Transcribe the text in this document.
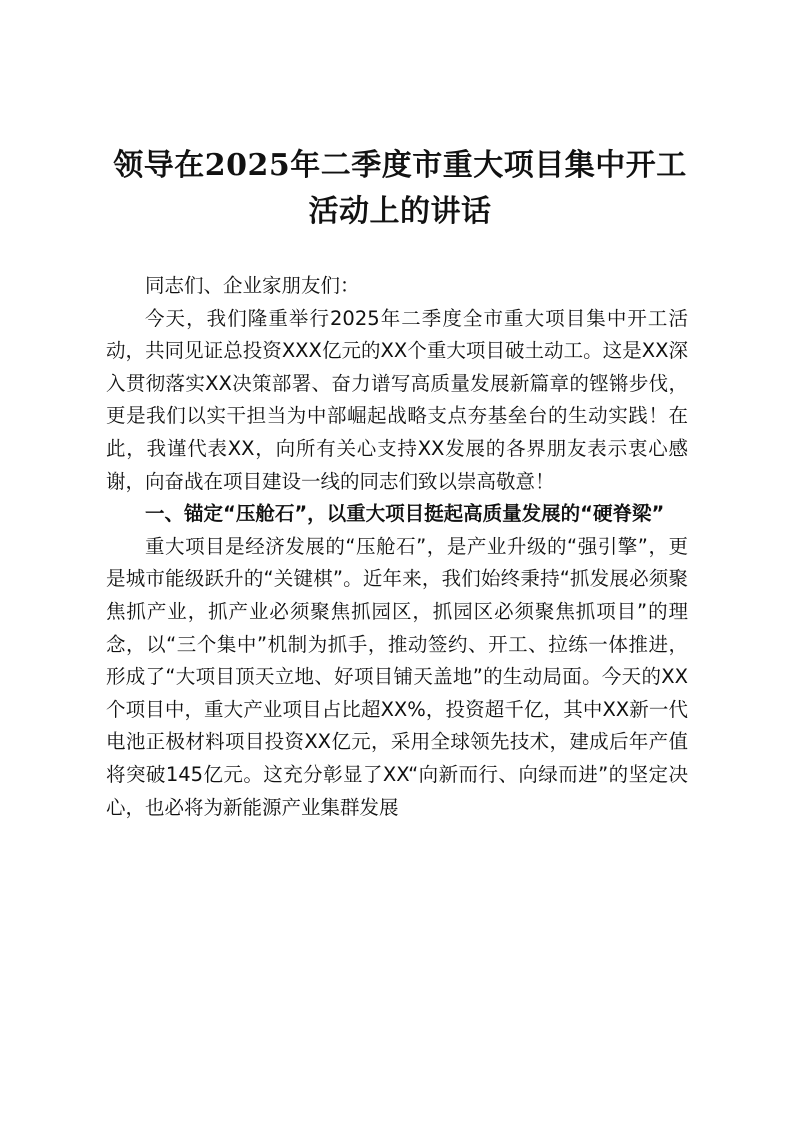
领导在2025年二季度市重大项目集中开工活动上的讲话

同志们、企业家朋友们：

今天，我们隆重举行2025年二季度全市重大项目集中开工活动，共同见证总投资XXX亿元的XX个重大项目破土动工。这是XX深入贯彻落实XX决策部署、奋力谱写高质量发展新篇章的铿锵步伐，更是我们以实干担当为中部崛起战略支点夯基垒台的生动实践！在此，我谨代表XX，向所有关心支持XX发展的各界朋友表示衷心感谢，向奋战在项目建设一线的同志们致以崇高敬意！

一、锚定“压舱石”，以重大项目挺起高质量发展的“硬脊梁”

重大项目是经济发展的“压舱石”，是产业升级的“强引擎”，更是城市能级跃升的“关键棋”。近年来，我们始终秉持“抓发展必须聚焦抓产业，抓产业必须聚焦抓园区，抓园区必须聚焦抓项目”的理念，以“三个集中”机制为抓手，推动签约、开工、拉练一体推进，形成了“大项目顶天立地、好项目铺天盖地”的生动局面。今天的XX个项目中，重大产业项目占比超XX%，投资超千亿，其中XX新一代电池正极材料项目投资XX亿元，采用全球领先技术，建成后年产值将突破145亿元。这充分彰显了XX“向新而行、向绿而进”的坚定决心，也必将为新能源产业集群发展
